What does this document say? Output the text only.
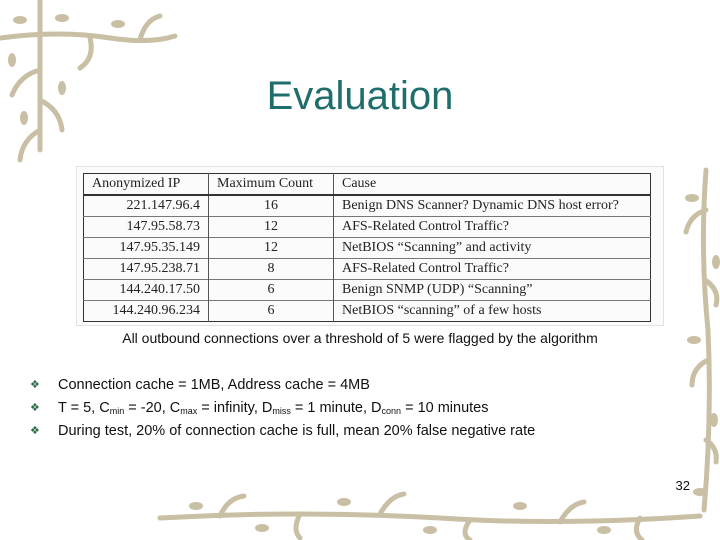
Evaluation
Anonymized IP	Maximum Count	Cause
221.147.96.4	16	Benign DNS Scanner? Dynamic DNS host error?
147.95.58.73	12	AFS-Related Control Traffic?
147.95.35.149	12	NetBIOS “Scanning” and activity
147.95.238.71	8	AFS-Related Control Traffic?
144.240.17.50	6	Benign SNMP (UDP) “Scanning”
144.240.96.234	6	NetBIOS “scanning” of a few hosts
All outbound connections over a threshold of 5 were flagged by the algorithm
❖ Connection cache = 1MB, Address cache = 4MB
❖ T = 5, $C_{min} = -20$, $C_{max}$ = infinity, $D_{miss} = 1$ minute, $D_{conn} = 10$ minutes
❖ During test, 20% of connection cache is full, mean 20% false negative rate
32
